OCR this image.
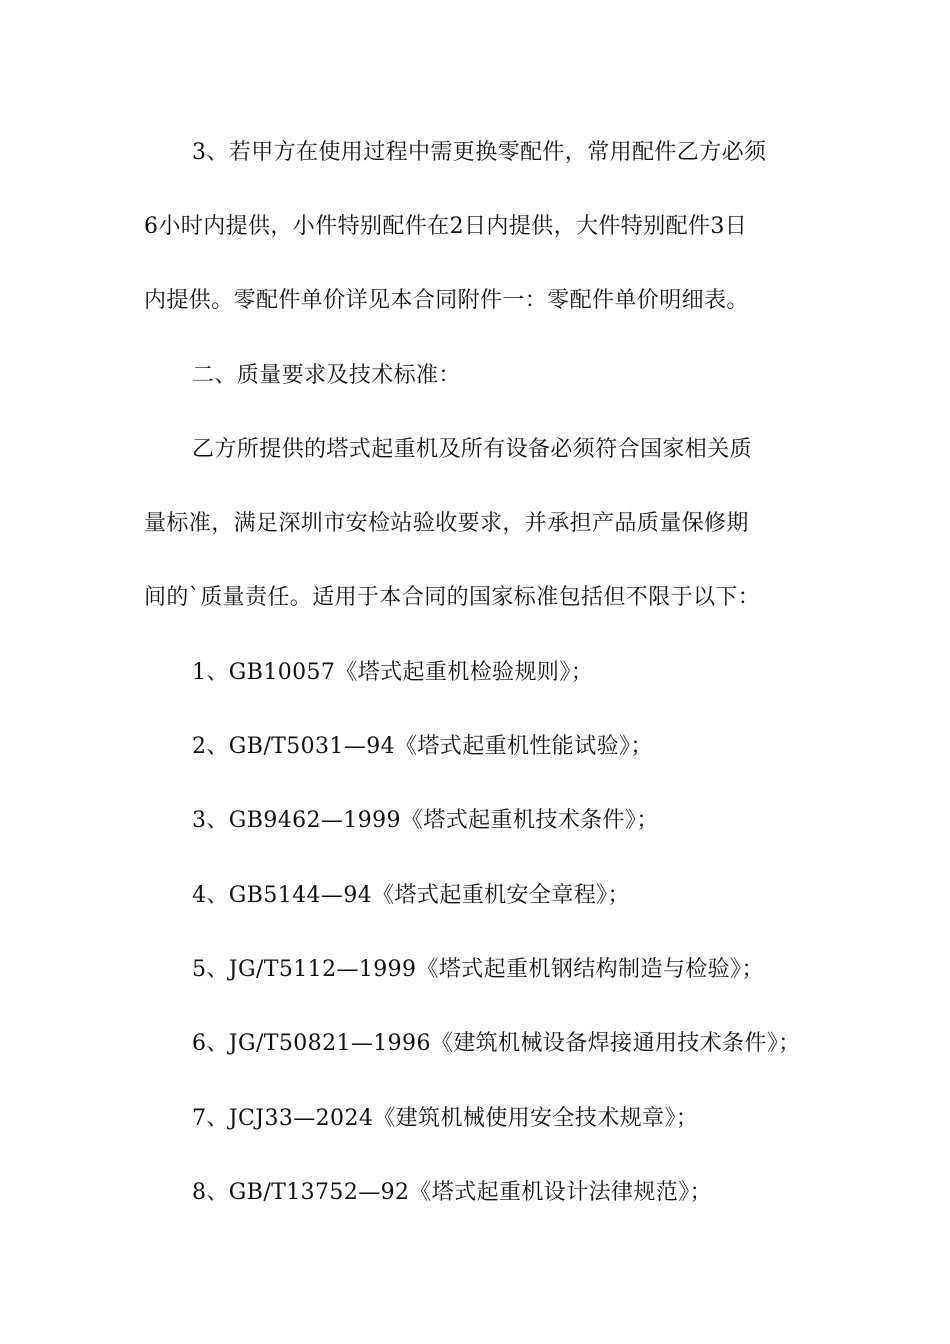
3、若甲方在使用过程中需更换零配件，常用配件乙方必须
6小时内提供，小件特别配件在2日内提供，大件特别配件3日
内提供。零配件单价详见本合同附件一：零配件单价明细表。
二、质量要求及技术标准：
乙方所提供的塔式起重机及所有设备必须符合国家相关质
量标准，满足深圳市安检站验收要求，并承担产品质量保修期
间的`质量责任。适用于本合同的国家标准包括但不限于以下：
1、GB10057《塔式起重机检验规则》；
2、GB/T5031—94《塔式起重机性能试验》；
3、GB9462—1999《塔式起重机技术条件》；
4、GB5144—94《塔式起重机安全章程》；
5、JG/T5112—1999《塔式起重机钢结构制造与检验》；
6、JG/T50821—1996《建筑机械设备焊接通用技术条件》；
7、JCJ33—2024《建筑机械使用安全技术规章》；
8、GB/T13752—92《塔式起重机设计法律规范》；
